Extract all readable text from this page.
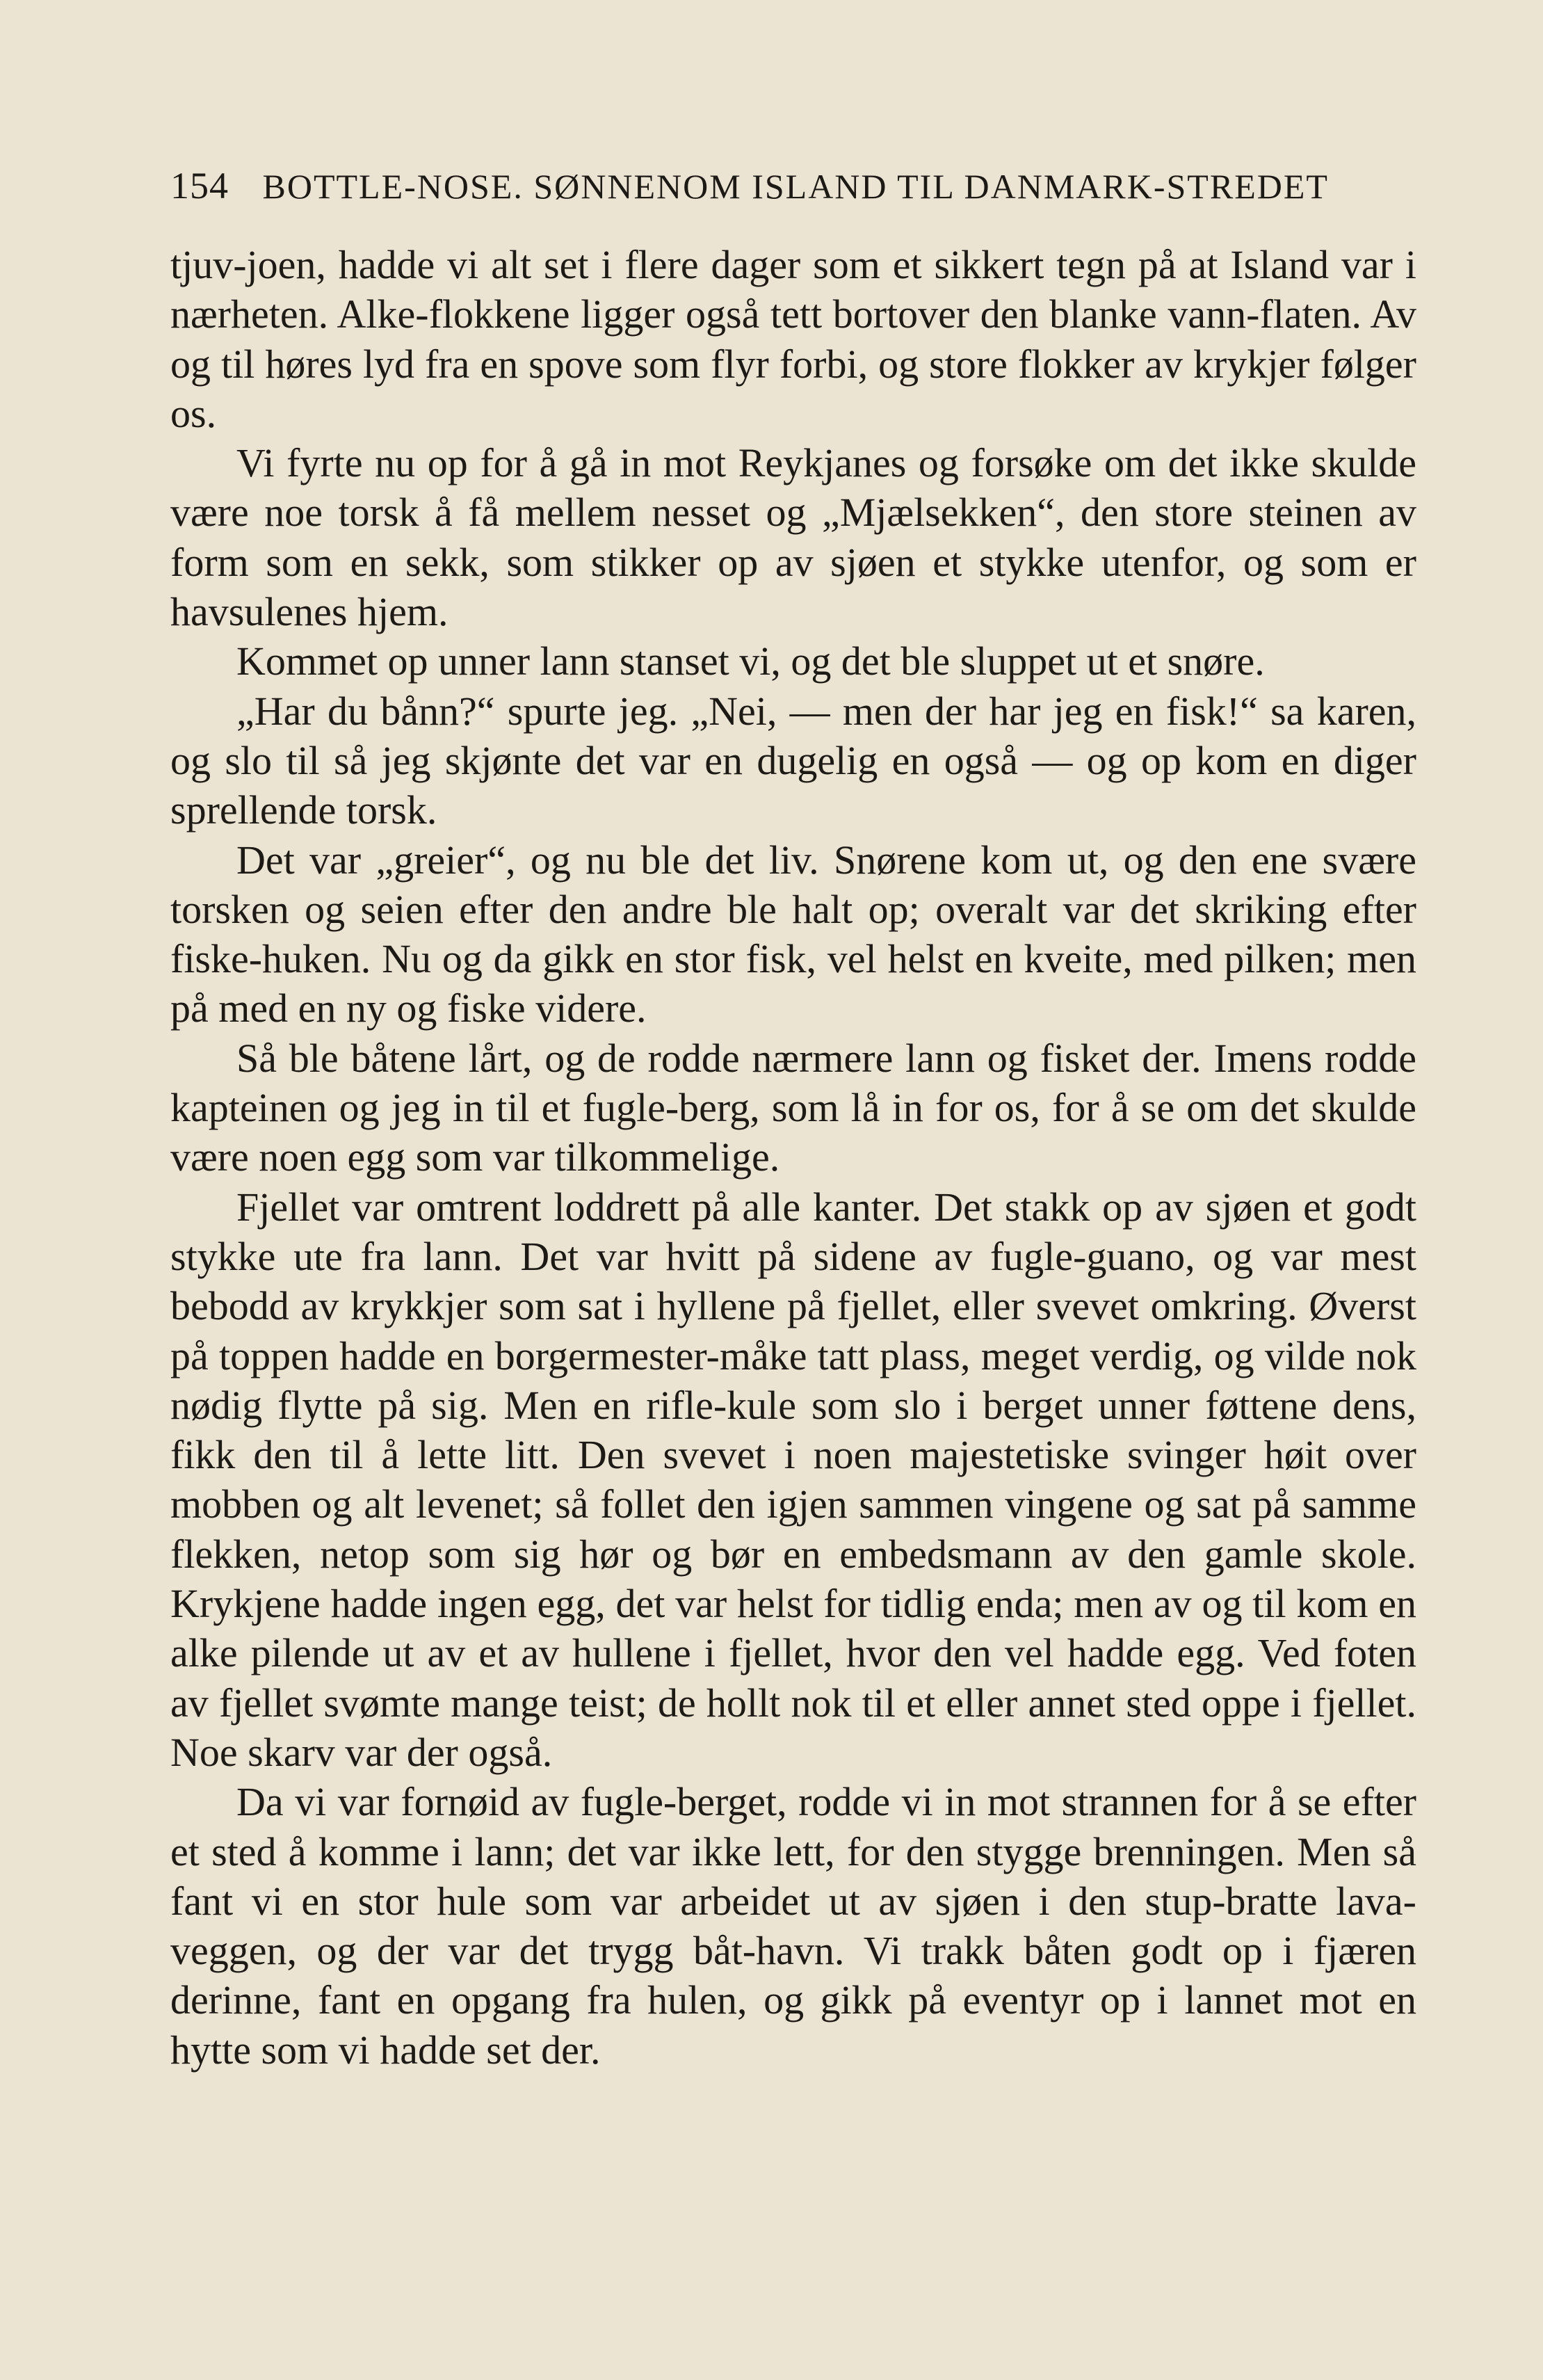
154 BOTTLE-NOSE. SØNNENOM ISLAND TIL DANMARK-STREDET

tjuv-joen, hadde vi alt set i flere dager som et sikkert tegn på at Island var i nærheten. Alke-flokkene ligger også tett bortover den blanke vann-flaten. Av og til høres lyd fra en spove som flyr forbi, og store flokker av krykjer følger os.

Vi fyrte nu op for å gå in mot Reykjanes og forsøke om det ikke skulde være noe torsk å få mellem nesset og „Mjælsekken“, den store steinen av form som en sekk, som stikker op av sjøen et stykke utenfor, og som er havsulenes hjem.

Kommet op unner lann stanset vi, og det ble sluppet ut et snøre.

„Har du bånn?“ spurte jeg. „Nei, — men der har jeg en fisk!“ sa karen, og slo til så jeg skjønte det var en dugelig en også — og op kom en diger sprellende torsk.

Det var „greier“, og nu ble det liv. Snørene kom ut, og den ene svære torsken og seien efter den andre ble halt op; overalt var det skriking efter fiske-huken. Nu og da gikk en stor fisk, vel helst en kveite, med pilken; men på med en ny og fiske videre.

Så ble båtene lårt, og de rodde nærmere lann og fisket der. Imens rodde kapteinen og jeg in til et fugle-berg, som lå in for os, for å se om det skulde være noen egg som var tilkommelige.

Fjellet var omtrent loddrett på alle kanter. Det stakk op av sjøen et godt stykke ute fra lann. Det var hvitt på sidene av fugle-guano, og var mest bebodd av krykkjer som sat i hyllene på fjellet, eller svevet omkring. Øverst på toppen hadde en borgermester-måke tatt plass, meget verdig, og vilde nok nødig flytte på sig. Men en rifle-kule som slo i berget unner føttene dens, fikk den til å lette litt. Den svevet i noen majestetiske svinger høit over mobben og alt levenet; så follet den igjen sammen vingene og sat på samme flekken, netop som sig hør og bør en embedsmann av den gamle skole. Krykjene hadde ingen egg, det var helst for tidlig enda; men av og til kom en alke pilende ut av et av hullene i fjellet, hvor den vel hadde egg. Ved foten av fjellet svømte mange teist; de hollt nok til et eller annet sted oppe i fjellet. Noe skarv var der også.

Da vi var fornøid av fugle-berget, rodde vi in mot strannen for å se efter et sted å komme i lann; det var ikke lett, for den stygge brenningen. Men så fant vi en stor hule som var arbeidet ut av sjøen i den stup-bratte lava-veggen, og der var det trygg båt-havn. Vi trakk båten godt op i fjæren derinne, fant en opgang fra hulen, og gikk på eventyr op i lannet mot en hytte som vi hadde set der.
